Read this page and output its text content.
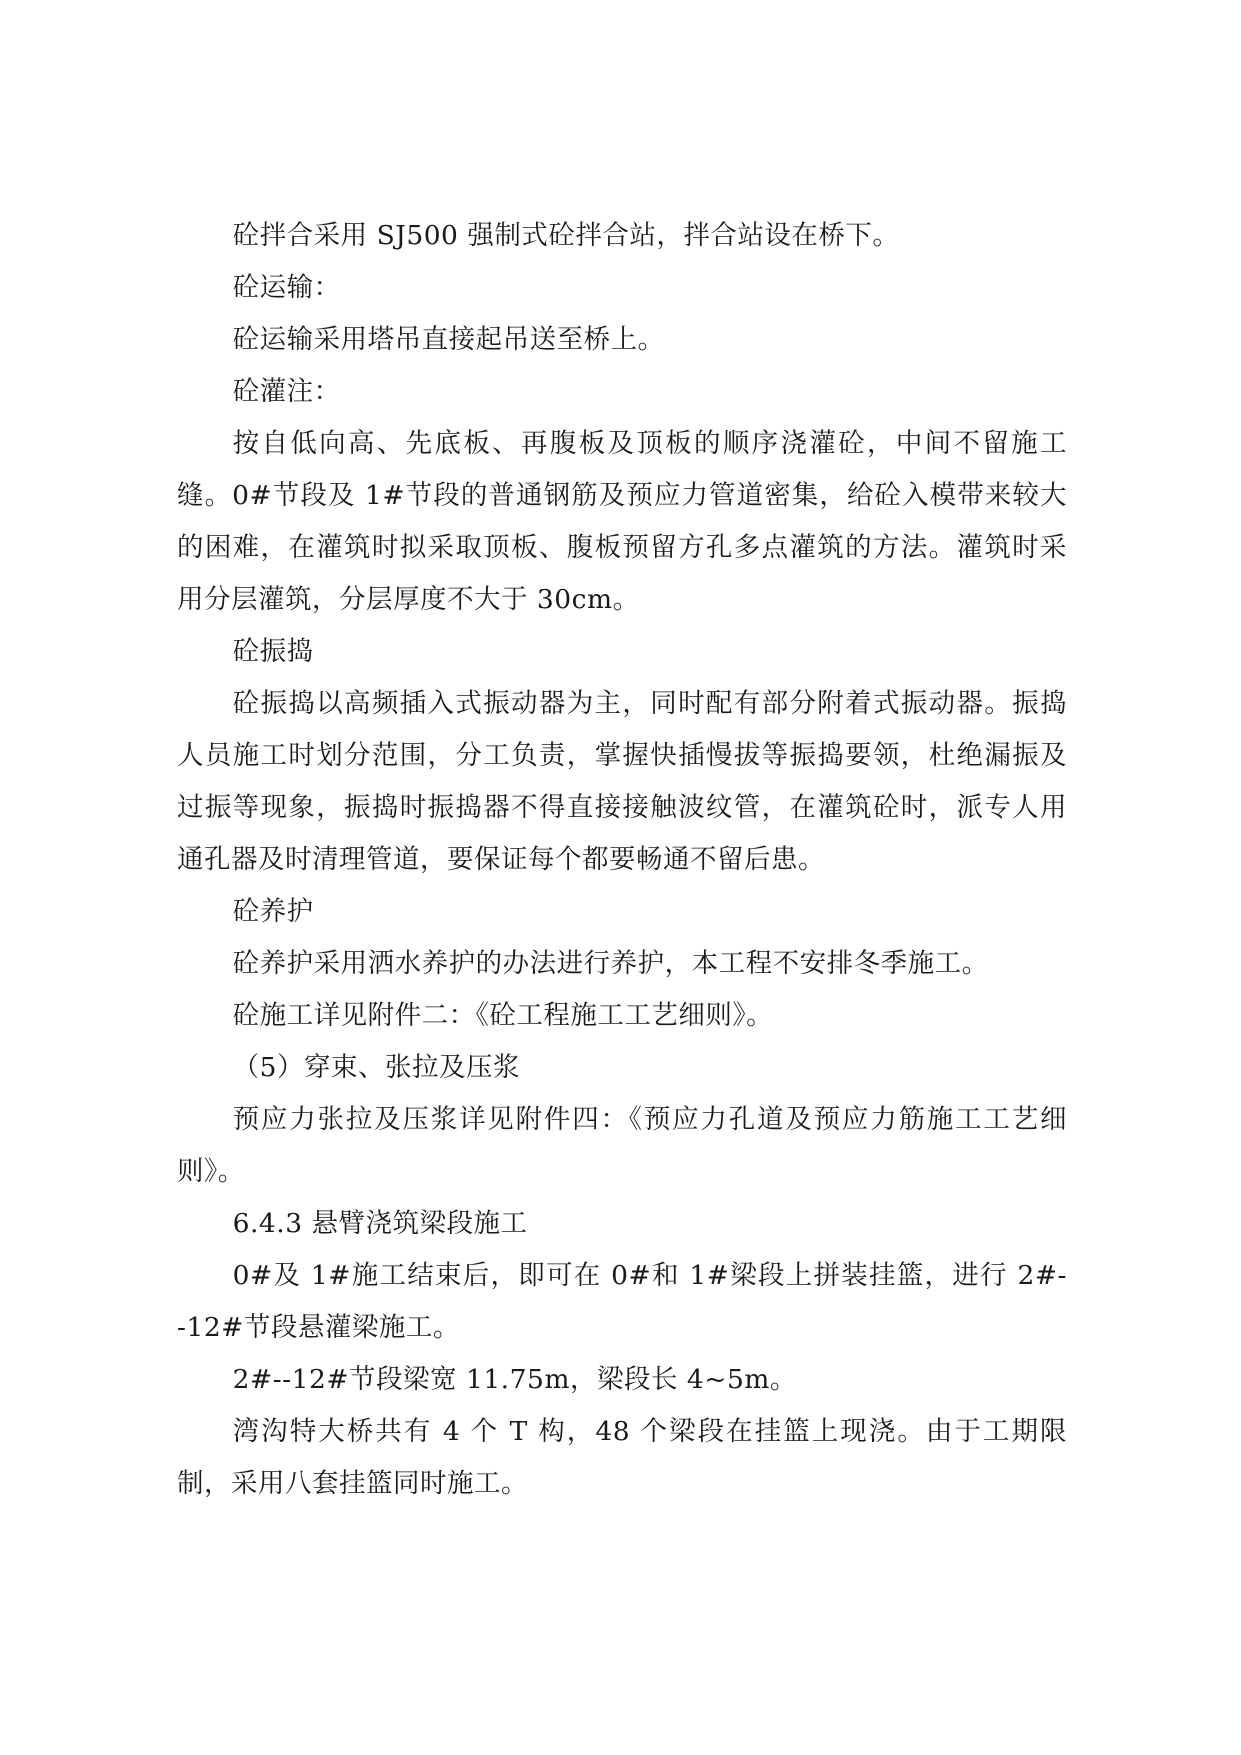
砼拌合采用 SJ500 强制式砼拌合站，拌合站设在桥下。

砼运输：

砼运输采用塔吊直接起吊送至桥上。

砼灌注：

按自低向高、先底板、再腹板及顶板的顺序浇灌砼，中间不留施工缝。0#节段及 1#节段的普通钢筋及预应力管道密集，给砼入模带来较大的困难，在灌筑时拟采取顶板、腹板预留方孔多点灌筑的方法。灌筑时采用分层灌筑，分层厚度不大于 30cm。

砼振捣

砼振捣以高频插入式振动器为主，同时配有部分附着式振动器。振捣人员施工时划分范围，分工负责，掌握快插慢拔等振捣要领，杜绝漏振及过振等现象，振捣时振捣器不得直接接触波纹管，在灌筑砼时，派专人用通孔器及时清理管道，要保证每个都要畅通不留后患。

砼养护

砼养护采用洒水养护的办法进行养护，本工程不安排冬季施工。

砼施工详见附件二：《砼工程施工工艺细则》。

（5）穿束、张拉及压浆

预应力张拉及压浆详见附件四：《预应力孔道及预应力筋施工工艺细则》。

6.4.3 悬臂浇筑梁段施工

0#及 1#施工结束后，即可在 0#和 1#梁段上拼装挂篮，进行 2#--12#节段悬灌梁施工。

2#--12#节段梁宽 11.75m，梁段长 4~5m。

湾沟特大桥共有 4 个 T 构，48 个梁段在挂篮上现浇。由于工期限制，采用八套挂篮同时施工。
